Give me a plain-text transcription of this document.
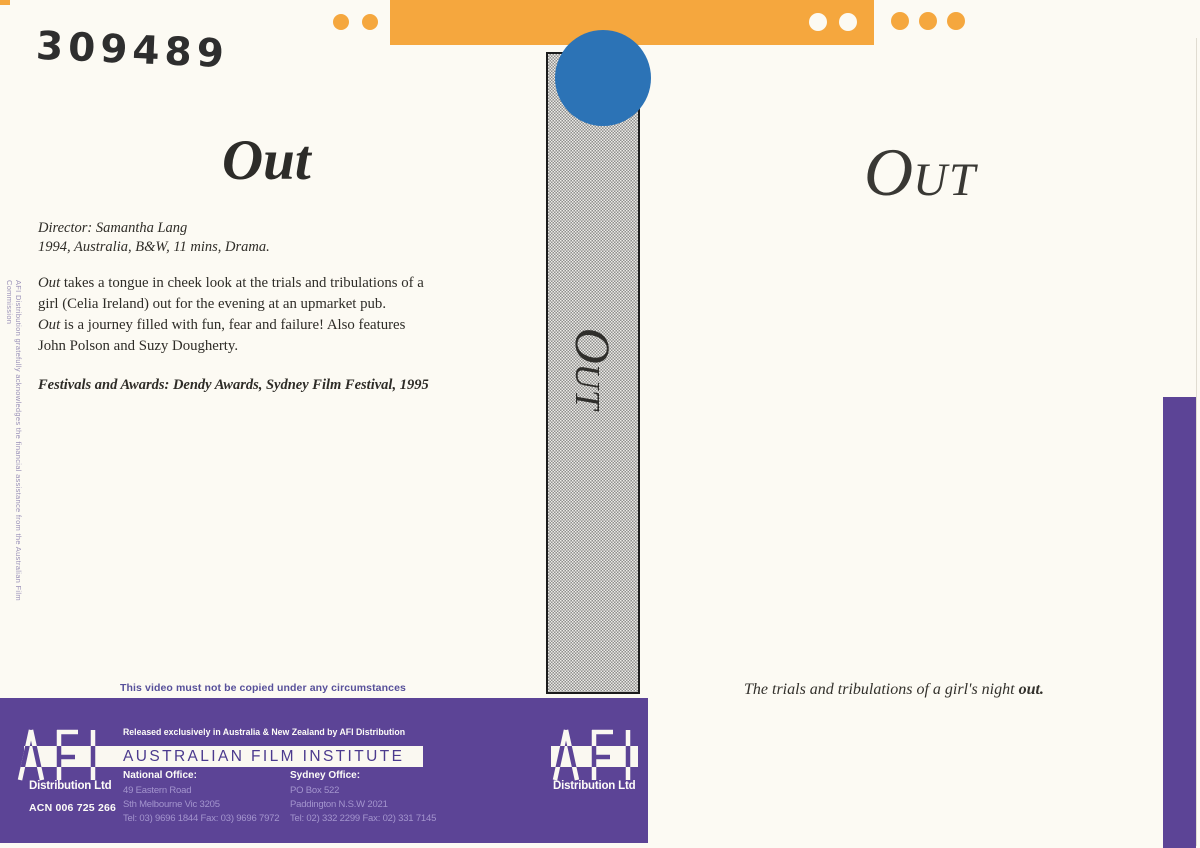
309489
OUT
Out
Director: Samantha Lang
1994, Australia, B&W, 11 mins, Drama.
Out takes a tongue in cheek look at the trials and tribulations of a
girl (Celia Ireland) out for the evening at an upmarket pub.
Out is a journey filled with fun, fear and failure! Also features
John Polson and Suzy Dougherty.
Festivals and Awards: Dendy Awards, Sydney Film Festival, 1995
AFI Distribution gratefully acknowledges the financial assistance from the Australian Film Commission
This video must not be copied under any circumstances
OUT
The trials and tribulations of a girl's night out.
Released exclusively in Australia & New Zealand by AFI Distribution
AUSTRALIAN FILM INSTITUTE
Distribution Ltd
ACN 006 725 266
National Office:
49 Eastern Road
Sth Melbourne Vic 3205
Tel: 03) 9696 1844 Fax: 03) 9696 7972
Sydney Office:
PO Box 522
Paddington N.S.W 2021
Tel: 02) 332 2299 Fax: 02) 331 7145
Distribution Ltd
